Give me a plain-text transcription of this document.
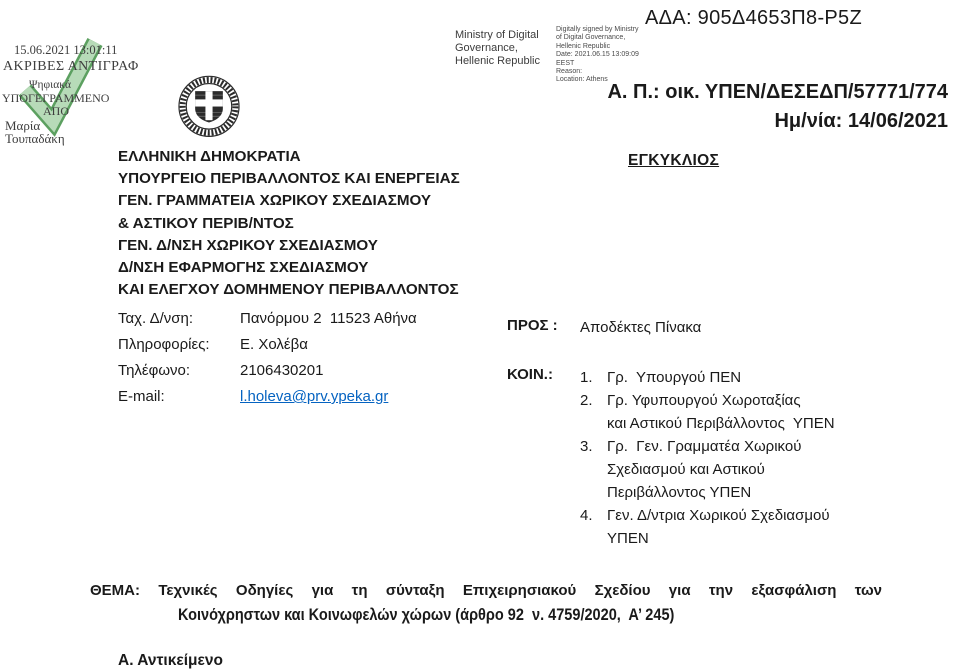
15.06.2021 13:01:11
ΑΚΡΙΒΕΣ ΑΝΤΙΓΡΑΦ
Ψηφιακά
ΥΠΟΓΕΓΡΑΜΜΕΝΟ
ΑΠΟ
Μαρία
Τουπαδάκη
Ministry of Digital
Governance,
Hellenic Republic
Digitally signed by Ministry
of Digital Governance,
Hellenic Republic
Date: 2021.06.15 13:09:09
EEST
Reason:
Location: Athens
ΑΔΑ: 905Δ4653Π8-Ρ5Ζ
Α. Π.: οικ. ΥΠΕΝ/ΔΕΣΕΔΠ/57771/774
Ημ/νία: 14/06/2021
ΕΛΛΗΝΙΚΗ ΔΗΜΟΚΡΑΤΙΑ
ΥΠΟΥΡΓΕΙΟ ΠΕΡΙΒΑΛΛΟΝΤΟΣ ΚΑΙ ΕΝΕΡΓΕΙΑΣ
ΓΕΝ. ΓΡΑΜΜΑΤΕΙΑ ΧΩΡΙΚΟΥ ΣΧΕΔΙΑΣΜΟΥ
& ΑΣΤΙΚΟΥ ΠΕΡΙΒ/ΝΤΟΣ
ΓΕΝ. Δ/ΝΣΗ ΧΩΡΙΚΟΥ ΣΧΕΔΙΑΣΜΟΥ
Δ/ΝΣΗ ΕΦΑΡΜΟΓΗΣ ΣΧΕΔΙΑΣΜΟΥ
ΚΑΙ ΕΛΕΓΧΟΥ ΔΟΜΗΜΕΝΟΥ ΠΕΡΙΒΑΛΛΟΝΤΟΣ
Ταχ. Δ/νση:	Πανόρμου 2  11523 Αθήνα
Πληροφορίες:	Ε. Χολέβα
Τηλέφωνο:	2106430201
E-mail:	l.holeva@prv.ypeka.gr
ΕΓΚΥΚΛΙΟΣ
ΠΡΟΣ : Αποδέκτες Πίνακα
ΚΟΙΝ.: 1. Γρ.  Υπουργού ΠΕΝ
2. Γρ. Υφυπουργού Χωροταξίας
και Αστικού Περιβάλλοντος  ΥΠΕΝ
3. Γρ.  Γεν. Γραμματέα Χωρικού
Σχεδιασμού και Αστικού
Περιβάλλοντος ΥΠΕΝ
4. Γεν. Δ/ντρια Χωρικού Σχεδιασμού
ΥΠΕΝ
ΘΕΜΑ: Τεχνικές Οδηγίες για τη σύνταξη Επιχειρησιακού Σχεδίου για την εξασφάλιση των
Κοινόχρηστων και Κοινωφελών χώρων (άρθρο 92  ν. 4759/2020,  Α’ 245)
Α. Αντικείμενο
